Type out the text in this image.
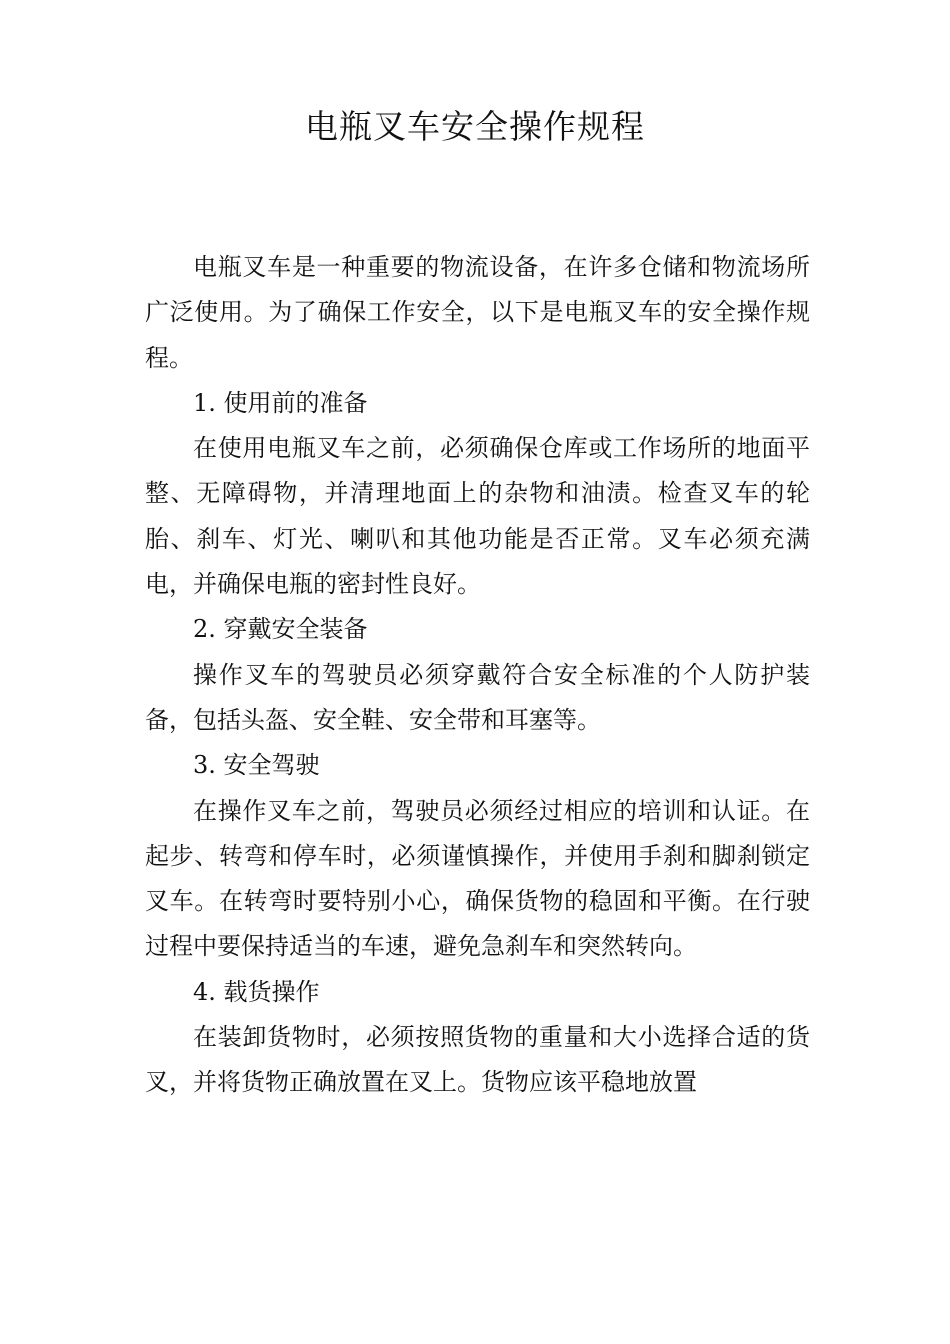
电瓶叉车安全操作规程

电瓶叉车是一种重要的物流设备，在许多仓储和物流场所广泛使用。为了确保工作安全，以下是电瓶叉车的安全操作规程。

1. 使用前的准备

在使用电瓶叉车之前，必须确保仓库或工作场所的地面平整、无障碍物，并清理地面上的杂物和油渍。检查叉车的轮胎、刹车、灯光、喇叭和其他功能是否正常。叉车必须充满电，并确保电瓶的密封性良好。

2. 穿戴安全装备

操作叉车的驾驶员必须穿戴符合安全标准的个人防护装备，包括头盔、安全鞋、安全带和耳塞等。

3. 安全驾驶

在操作叉车之前，驾驶员必须经过相应的培训和认证。在起步、转弯和停车时，必须谨慎操作，并使用手刹和脚刹锁定叉车。在转弯时要特别小心，确保货物的稳固和平衡。在行驶过程中要保持适当的车速，避免急刹车和突然转向。

4. 载货操作

在装卸货物时，必须按照货物的重量和大小选择合适的货叉，并将货物正确放置在叉上。货物应该平稳地放置
